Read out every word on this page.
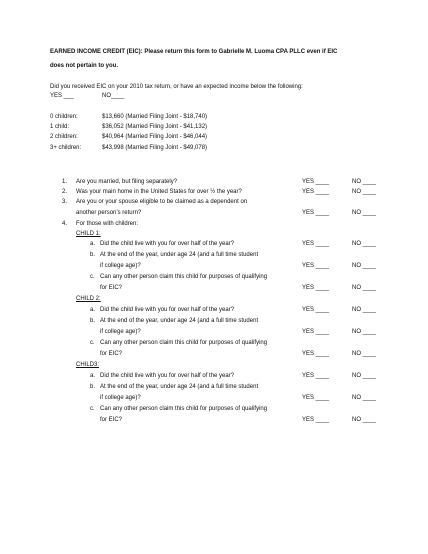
EARNED INCOME CREDIT (EIC): Please return this form to Gabrielle M. Luoma CPA PLLC even if EIC
does not pertain to you.
Did you received EIC on your 2010 tax return, or have an expected income below the following:
YES ___	NO____
0 children:	$13,660 (Married Filing Joint - $18,740)
1 child:	$36,052 (Married Filing Joint - $41,132)
2 children:	$40,964 (Married Filing Joint - $46,044)
3+ children:	$43,998 (Married Filing Joint - $49,078)
1. Are you married, but filing separately?	YES ____	NO ____
2. Was your main home in the United States for over ½ the year?	YES ____	NO ____
3. Are you or your spouse eligible to be claimed as a dependent on
another person’s return?	YES ____	NO ____
4. For those with children:
CHILD 1:
a. Did the child live with you for over half of the year?	YES ____	NO ____
b. At the end of the year, under age 24 (and a full time student
if college age)?	YES ____	NO ____
c. Can any other person claim this child for purposes of qualifying
for EIC?	YES ____	NO ____
CHILD 2:
a. Did the child live with you for over half of the year?	YES ____	NO ____
b. At the end of the year, under age 24 (and a full time student
if college age)?	YES ____	NO ____
c. Can any other person claim this child for purposes of qualifying
for EIC?	YES ____	NO ____
CHILD3:
a. Did the child live with you for over half of the year?	YES ____	NO ____
b. At the end of the year, under age 24 (and a full time student
if college age)?	YES ____	NO ____
c. Can any other person claim this child for purposes of qualifying
for EIC?	YES ____	NO ____
